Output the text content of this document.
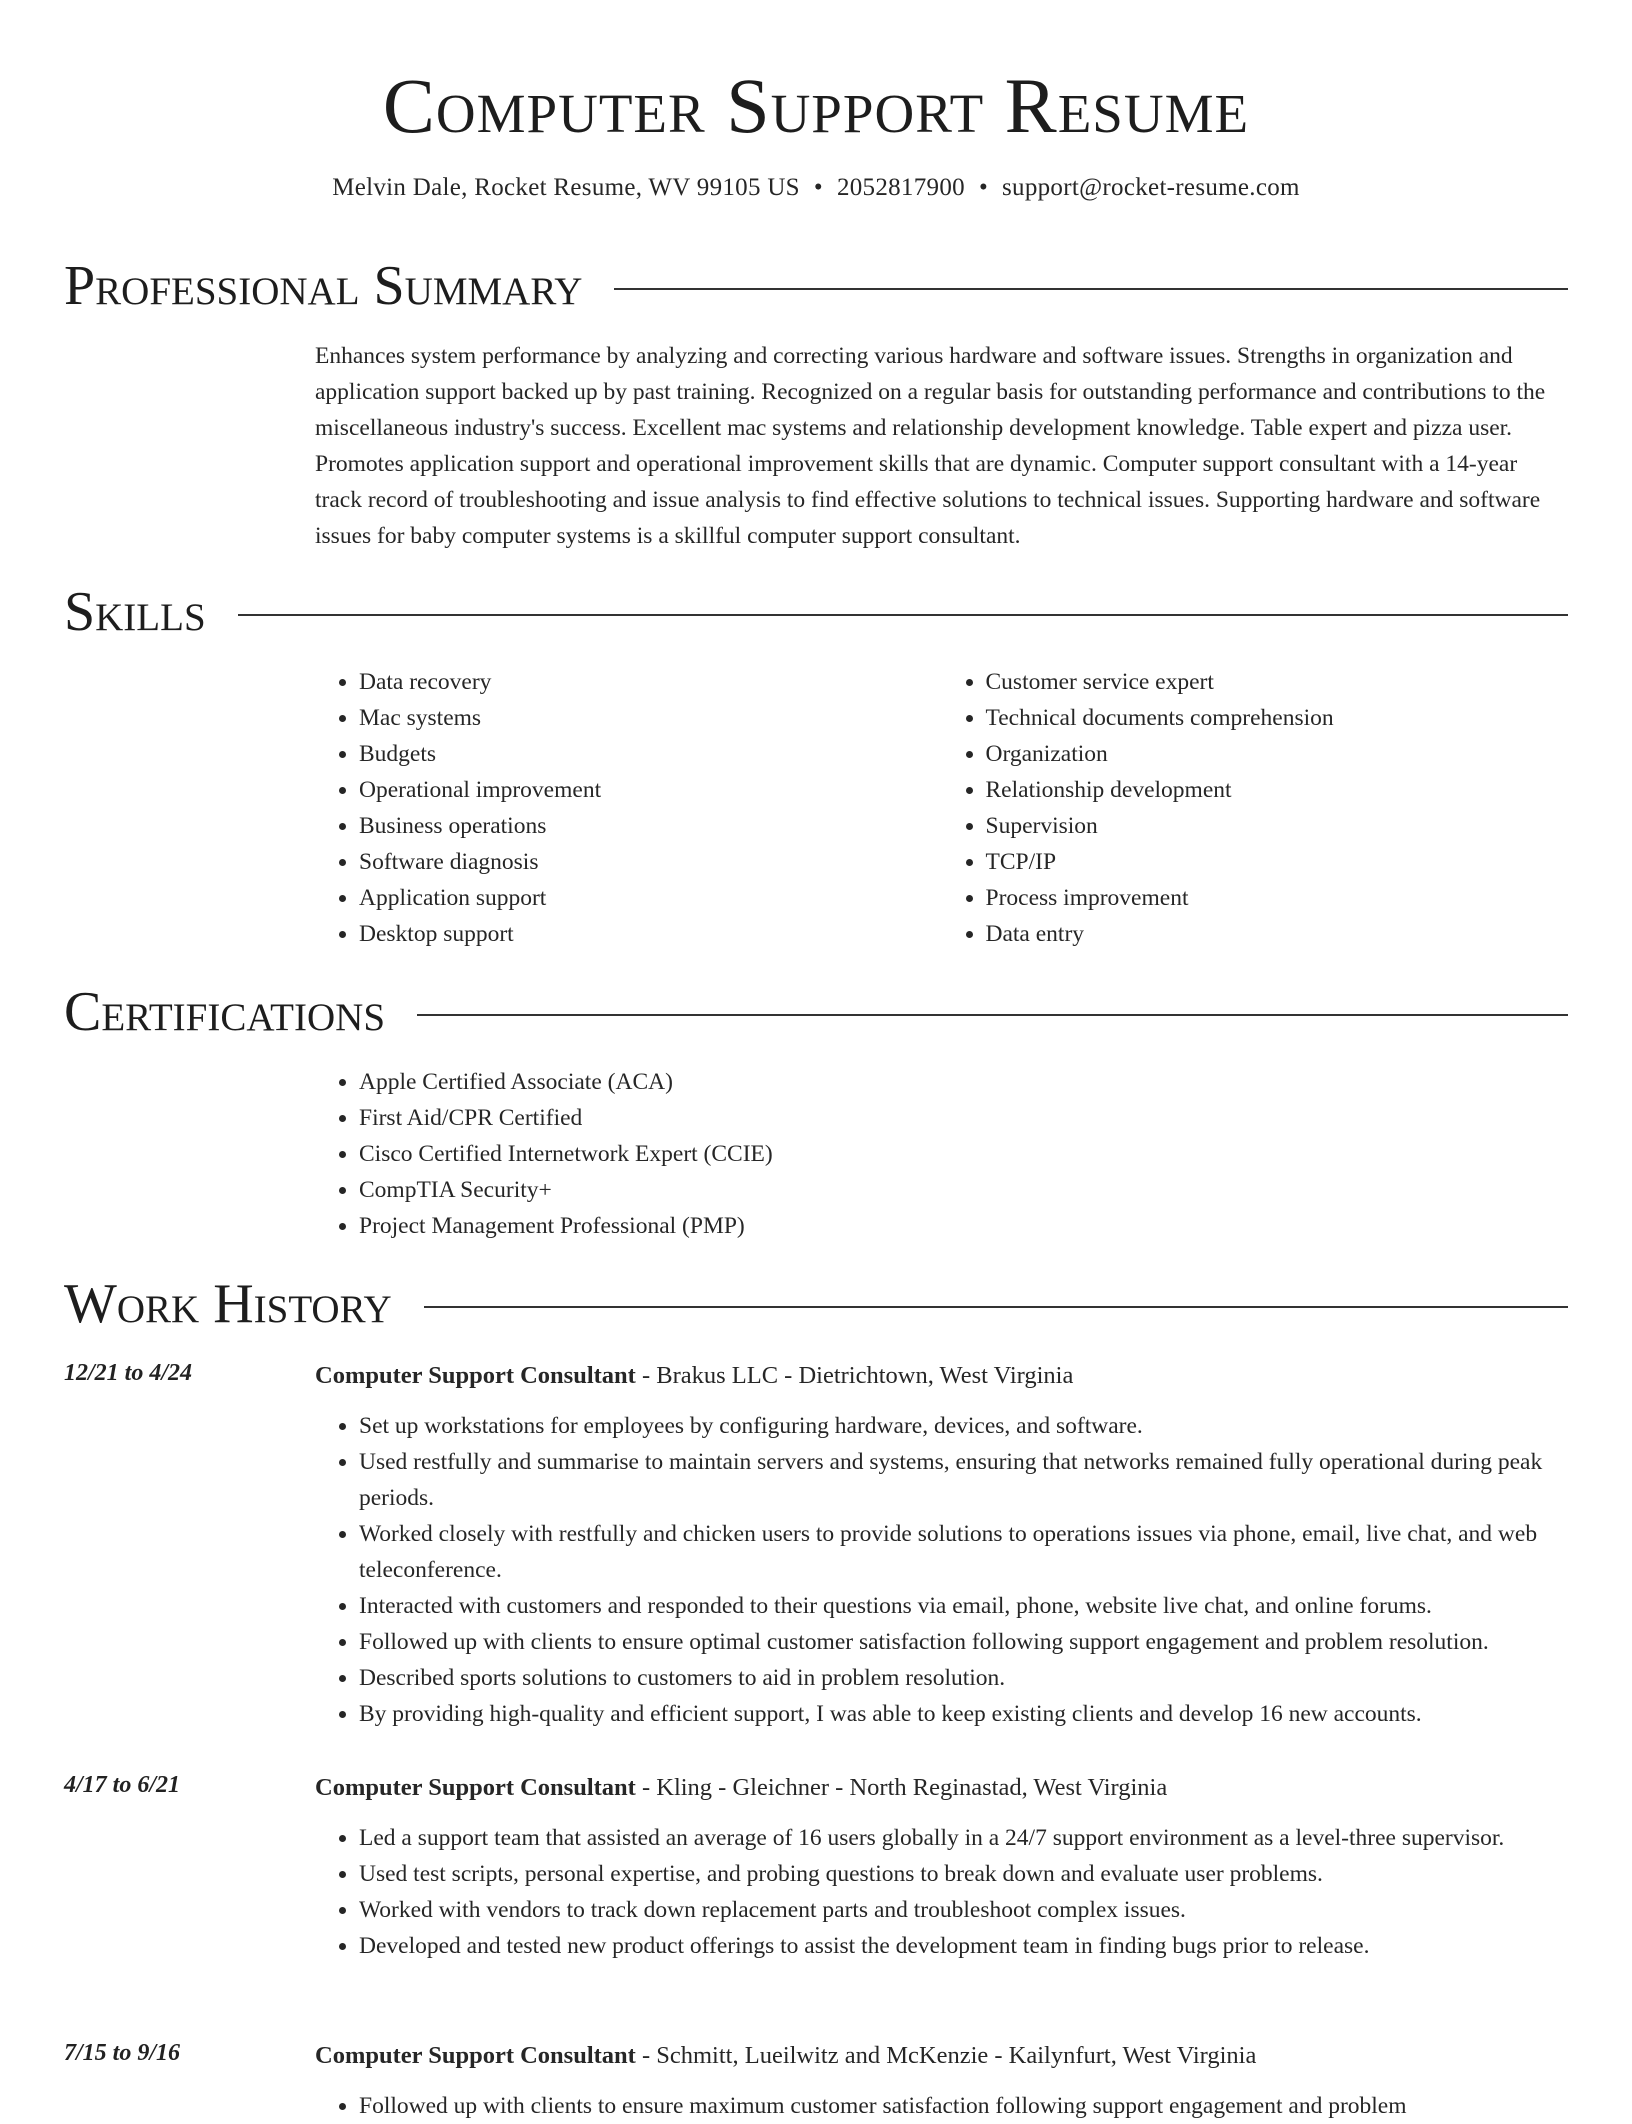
Computer Support Resume
Melvin Dale, Rocket Resume, WV 99105 US • 2052817900 • support@rocket-resume.com
Professional Summary

Enhances system performance by analyzing and correcting various hardware and software issues. Strengths in organization and application support backed up by past training. Recognized on a regular basis for outstanding performance and contributions to the miscellaneous industry's success. Excellent mac systems and relationship development knowledge. Table expert and pizza user. Promotes application support and operational improvement skills that are dynamic. Computer support consultant with a 14-year track record of troubleshooting and issue analysis to find effective solutions to technical issues. Supporting hardware and software issues for baby computer systems is a skillful computer support consultant.

Skills
• Data recovery
• Mac systems
• Budgets
• Operational improvement
• Business operations
• Software diagnosis
• Application support
• Desktop support
• Customer service expert
• Technical documents comprehension
• Organization
• Relationship development
• Supervision
• TCP/IP
• Process improvement
• Data entry
Certifications
• Apple Certified Associate (ACA)
• First Aid/CPR Certified
• Cisco Certified Internetwork Expert (CCIE)
• CompTIA Security+
• Project Management Professional (PMP)
Work History
12/21 to 4/24	Computer Support Consultant - Brakus LLC - Dietrichtown, West Virginia
• Set up workstations for employees by configuring hardware, devices, and software.
• Used restfully and summarise to maintain servers and systems, ensuring that networks remained fully operational during peak periods.
• Worked closely with restfully and chicken users to provide solutions to operations issues via phone, email, live chat, and web teleconference.
• Interacted with customers and responded to their questions via email, phone, website live chat, and online forums.
• Followed up with clients to ensure optimal customer satisfaction following support engagement and problem resolution.
• Described sports solutions to customers to aid in problem resolution.
• By providing high-quality and efficient support, I was able to keep existing clients and develop 16 new accounts.
4/17 to 6/21	Computer Support Consultant - Kling - Gleichner - North Reginastad, West Virginia
• Led a support team that assisted an average of 16 users globally in a 24/7 support environment as a level-three supervisor.
• Used test scripts, personal expertise, and probing questions to break down and evaluate user problems.
• Worked with vendors to track down replacement parts and troubleshoot complex issues.
• Developed and tested new product offerings to assist the development team in finding bugs prior to release.
7/15 to 9/16	Computer Support Consultant - Schmitt, Lueilwitz and McKenzie - Kailynfurt, West Virginia
• Followed up with clients to ensure maximum customer satisfaction following support engagement and problem
